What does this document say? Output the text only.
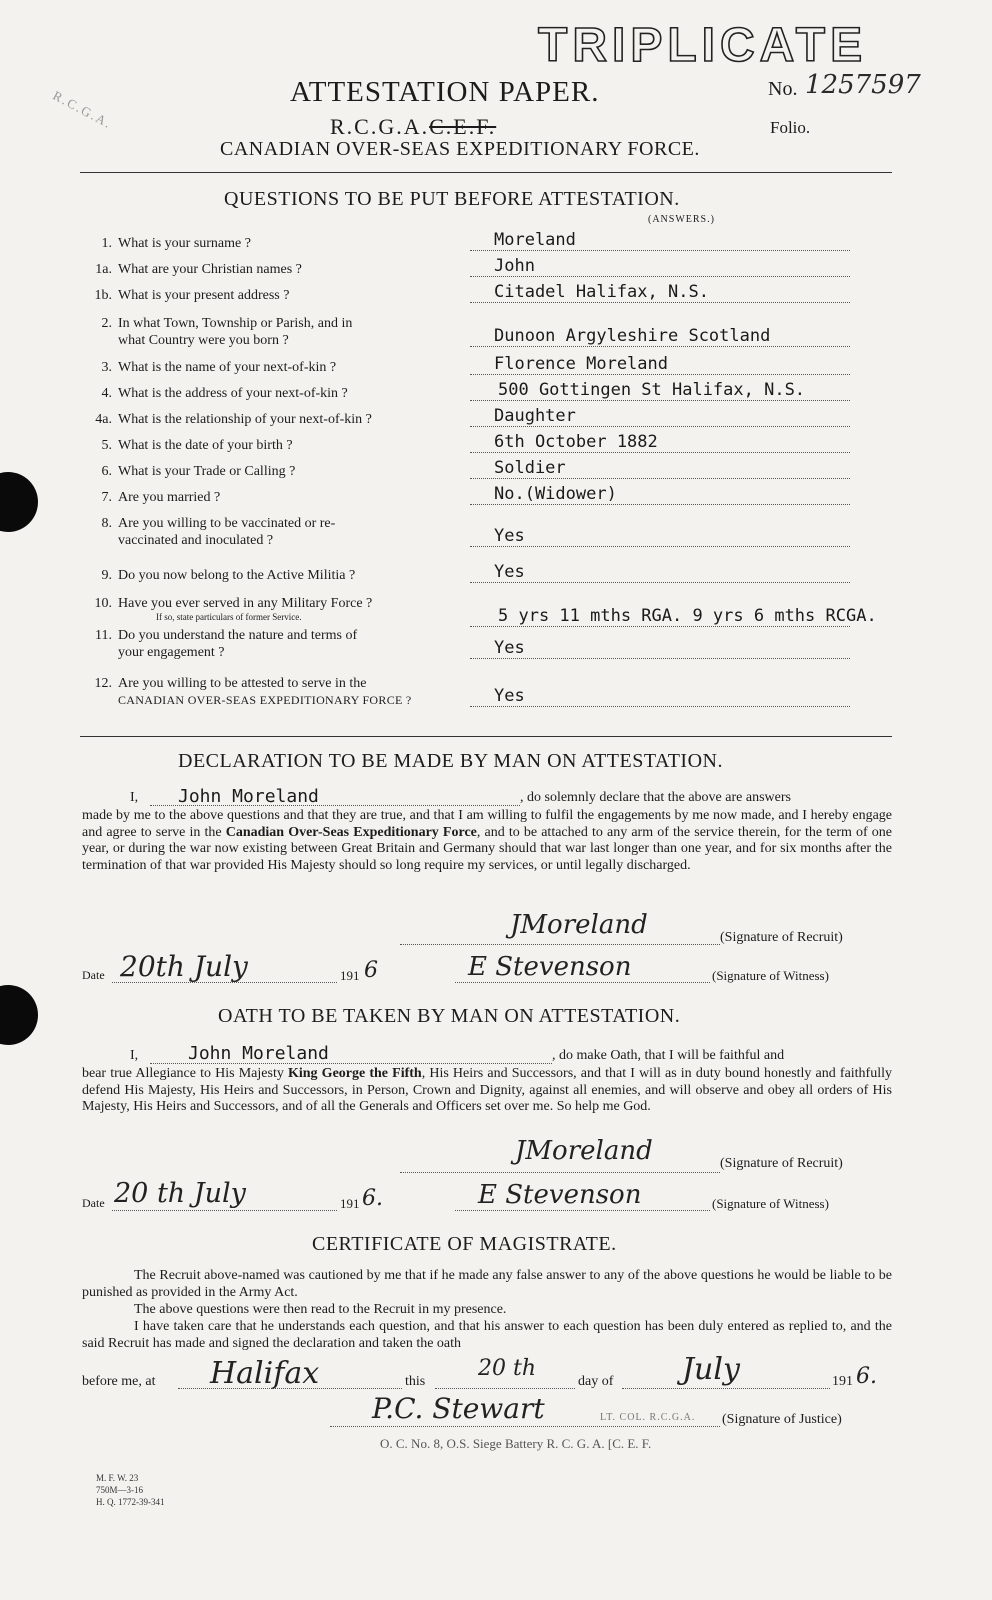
TRIPLICATE
ATTESTATION PAPER.	No. 1257597
Folio.
R.C.G.A.C.E.F.
CANADIAN OVER-SEAS EXPEDITIONARY FORCE.
R.C.G.A.
QUESTIONS TO BE PUT BEFORE ATTESTATION.
(ANSWERS.)
1. What is your surname ?	Moreland
1a. What are your Christian names ?	John
1b. What is your present address ?	Citadel Halifax, N.S.
2. In what Town, Township or Parish, and in
what Country were you born ?	Dunoon Argyleshire Scotland
3. What is the name of your next-of-kin ?	Florence Moreland
4. What is the address of your next-of-kin ?	500 Gottingen St Halifax, N.S.
4a. What is the relationship of your next-of-kin ?	Daughter
5. What is the date of your birth ?	6th October 1882
6. What is your Trade or Calling ?	Soldier
7. Are you married ?	No.(Widower)
8. Are you willing to be vaccinated or re-
vaccinated and inoculated ?	Yes
9. Do you now belong to the Active Militia ?	Yes
10. Have you ever served in any Military Force ?
If so, state particulars of former Service.	5 yrs 11 mths RGA. 9 yrs 6 mths RCGA.
11. Do you understand the nature and terms of
your engagement ?	Yes
12. Are you willing to be attested to serve in the
CANADIAN OVER-SEAS EXPEDITIONARY FORCE ?	Yes
DECLARATION TO BE MADE BY MAN ON ATTESTATION.
I, John Moreland	, do solemnly declare that the above are answers
made by me to the above questions and that they are true, and that I am willing to fulfil the engagements by me now made, and I hereby engage and agree to serve in the Canadian Over-Seas Expeditionary Force, and to be attached to any arm of the service therein, for the term of one year, or during the war now existing between Great Britain and Germany should that war last longer than one year, and for six months after the termination of that war provided His Majesty should so long require my services, or until legally discharged.
JMoreland	(Signature of Recruit)
Date 20th July	191 6	E Stevenson	(Signature of Witness)
OATH TO BE TAKEN BY MAN ON ATTESTATION.
I,	John Moreland	, do make Oath, that I will be faithful and
bear true Allegiance to His Majesty King George the Fifth, His Heirs and Successors, and that I will as in duty bound honestly and faithfully defend His Majesty, His Heirs and Successors, in Person, Crown and Dignity, against all enemies, and will observe and obey all orders of His Majesty, His Heirs and Successors, and of all the Generals and Officers set over me. So help me God.
JMoreland	(Signature of Recruit)
Date 20 th July	191 6.	E Stevenson	(Signature of Witness)
CERTIFICATE OF MAGISTRATE.
The Recruit above-named was cautioned by me that if he made any false answer to any of the above questions he would be liable to be punished as provided in the Army Act.
The above questions were then read to the Recruit in my presence.
I have taken care that he understands each question, and that his answer to each question has been duly entered as replied to, and the said Recruit has made and signed the declaration and taken the oath
before me, at Halifax	this
20 th
day of July	191 6.
P.C. Stewart	LT. COL. R.C.G.A. (Signature of Justice)
O. C. No. 8, O.S. Siege Battery R. C. G. A. [C. E. F.
M. F. W. 23
750M—3-16
H. Q. 1772-39-341
